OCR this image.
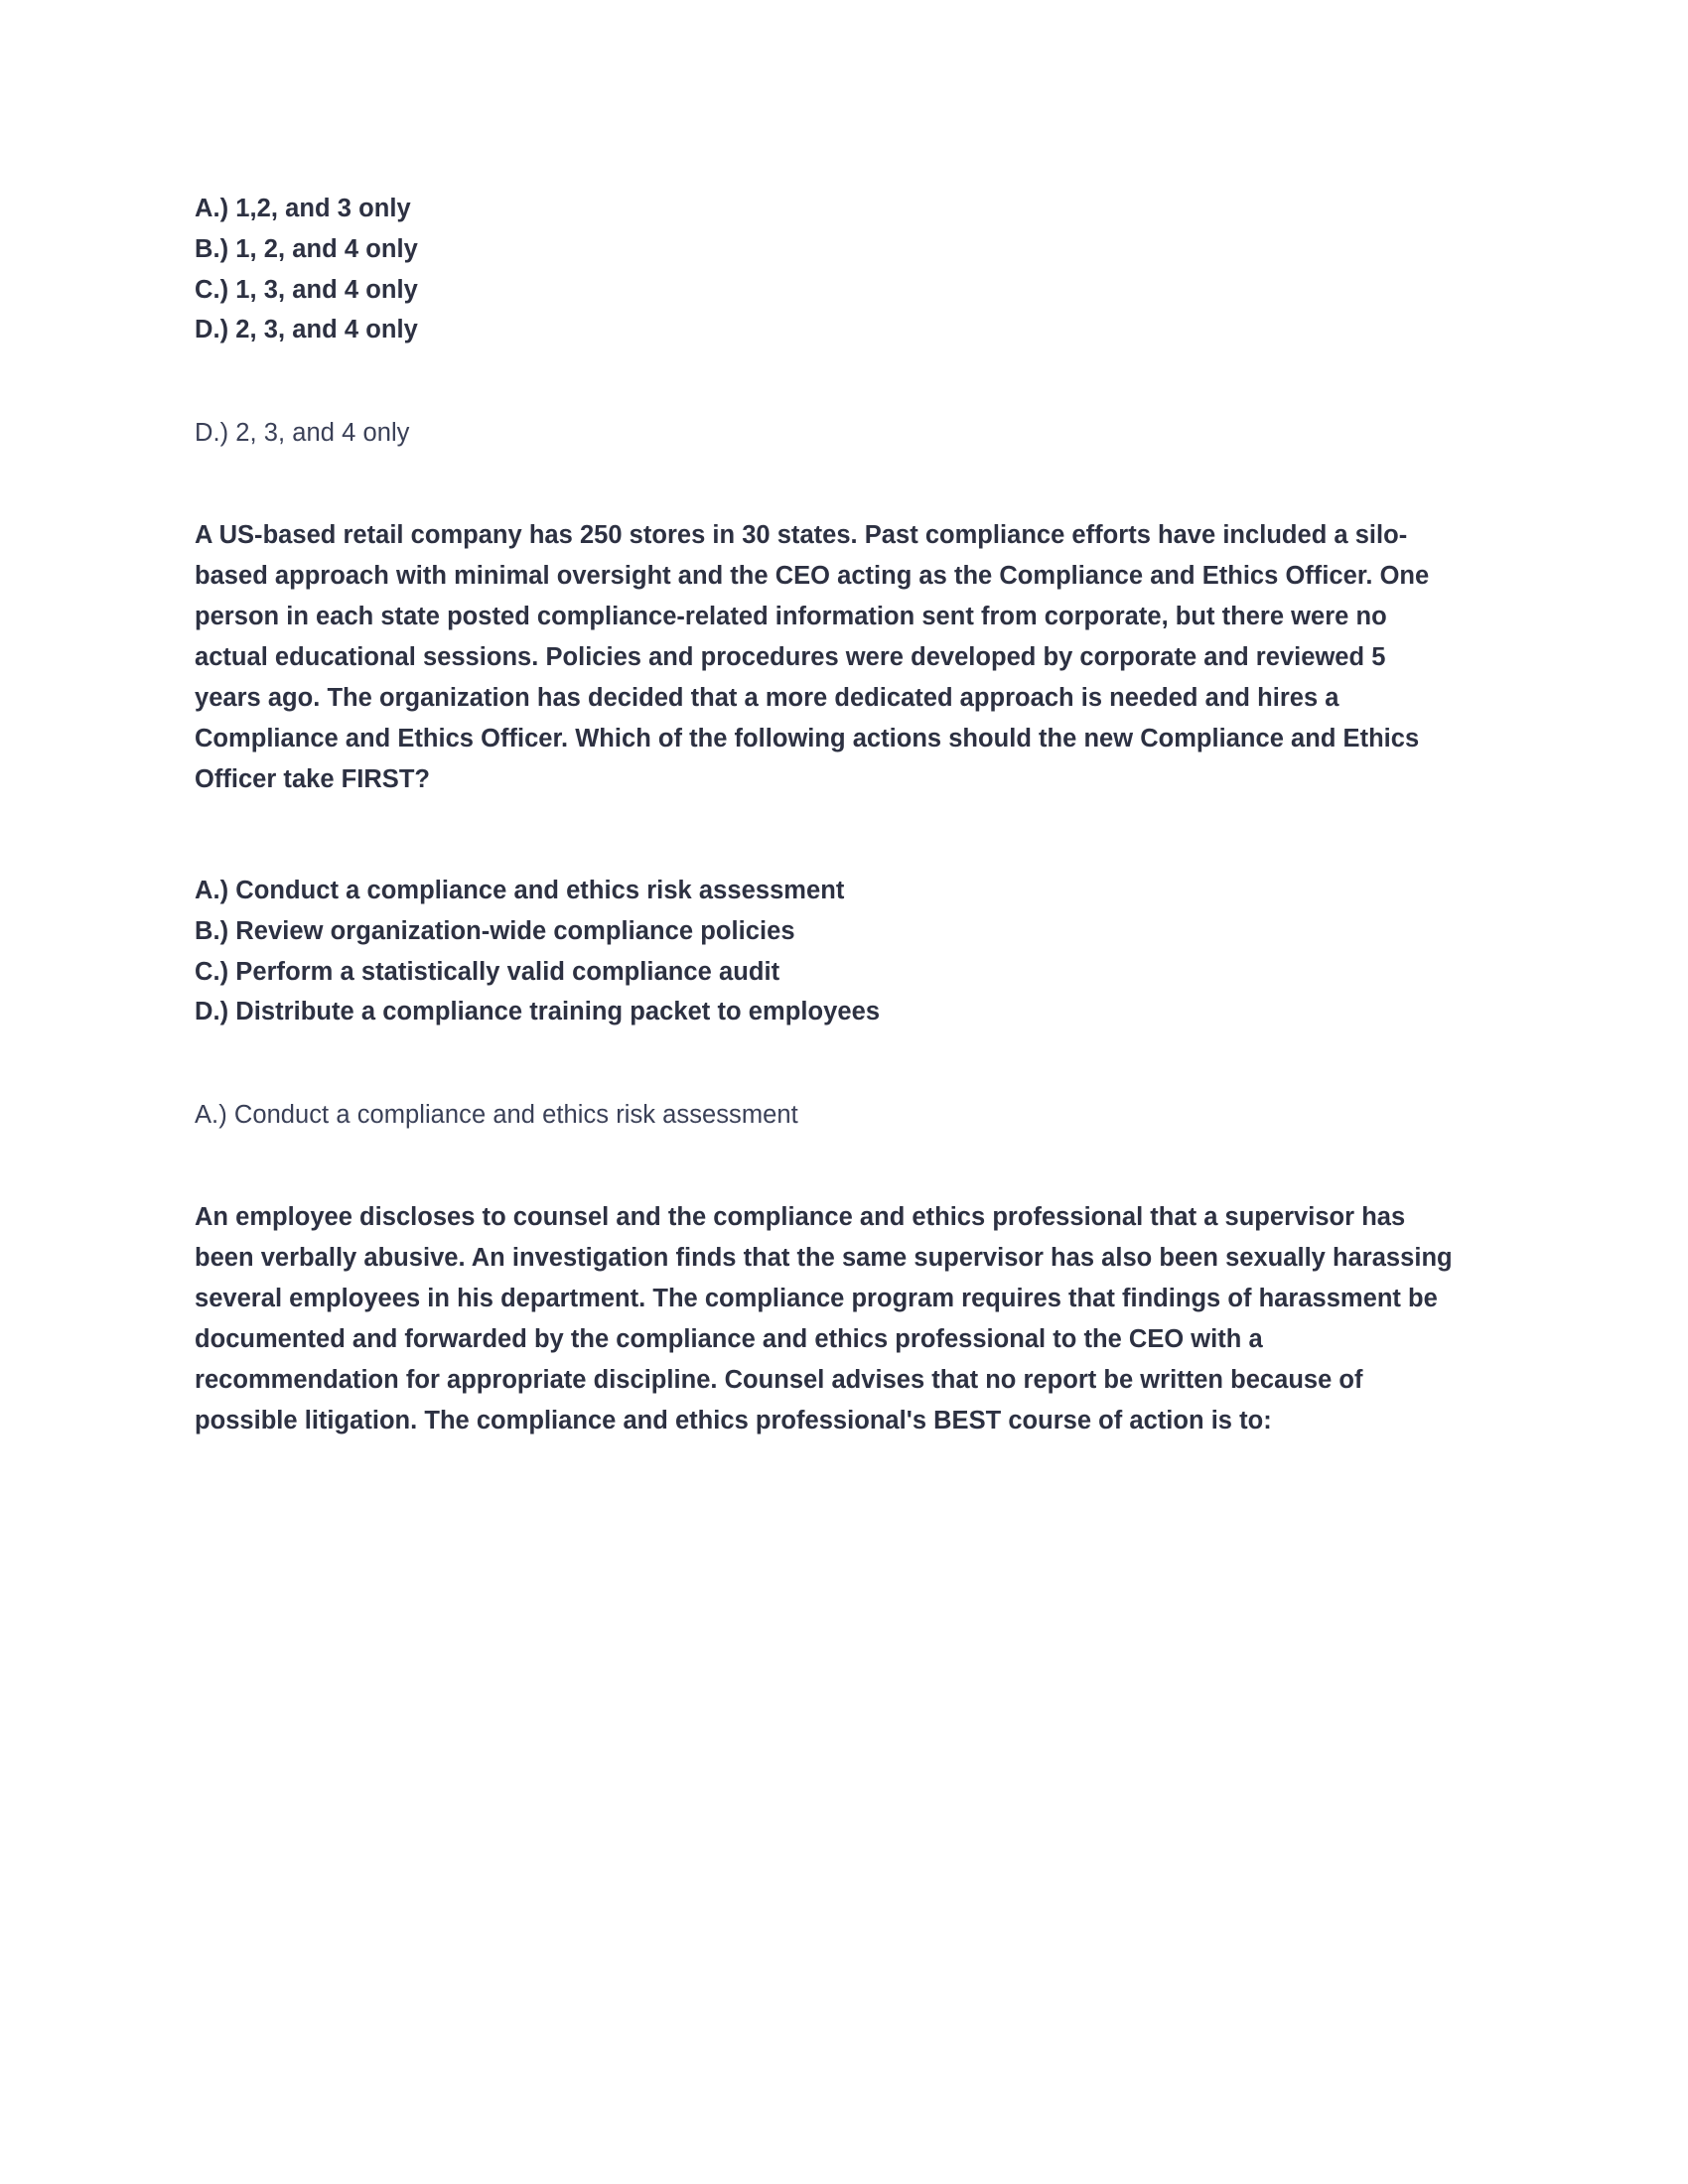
A.) 1,2, and 3 only
B.) 1, 2, and 4 only
C.) 1, 3, and 4 only
D.) 2, 3, and 4 only
D.) 2, 3, and 4 only

A US-based retail company has 250 stores in 30 states. Past compliance efforts have included a silo-based approach with minimal oversight and the CEO acting as the Compliance and Ethics Officer. One person in each state posted compliance-related information sent from corporate, but there were no actual educational sessions. Policies and procedures were developed by corporate and reviewed 5 years ago. The organization has decided that a more dedicated approach is needed and hires a Compliance and Ethics Officer. Which of the following actions should the new Compliance and Ethics Officer take FIRST?

A.) Conduct a compliance and ethics risk assessment
B.) Review organization-wide compliance policies
C.) Perform a statistically valid compliance audit
D.) Distribute a compliance training packet to employees
A.) Conduct a compliance and ethics risk assessment

An employee discloses to counsel and the compliance and ethics professional that a supervisor has been verbally abusive. An investigation finds that the same supervisor has also been sexually harassing several employees in his department. The compliance program requires that findings of harassment be documented and forwarded by the compliance and ethics professional to the CEO with a recommendation for appropriate discipline. Counsel advises that no report be written because of possible litigation. The compliance and ethics professional's BEST course of action is to:
